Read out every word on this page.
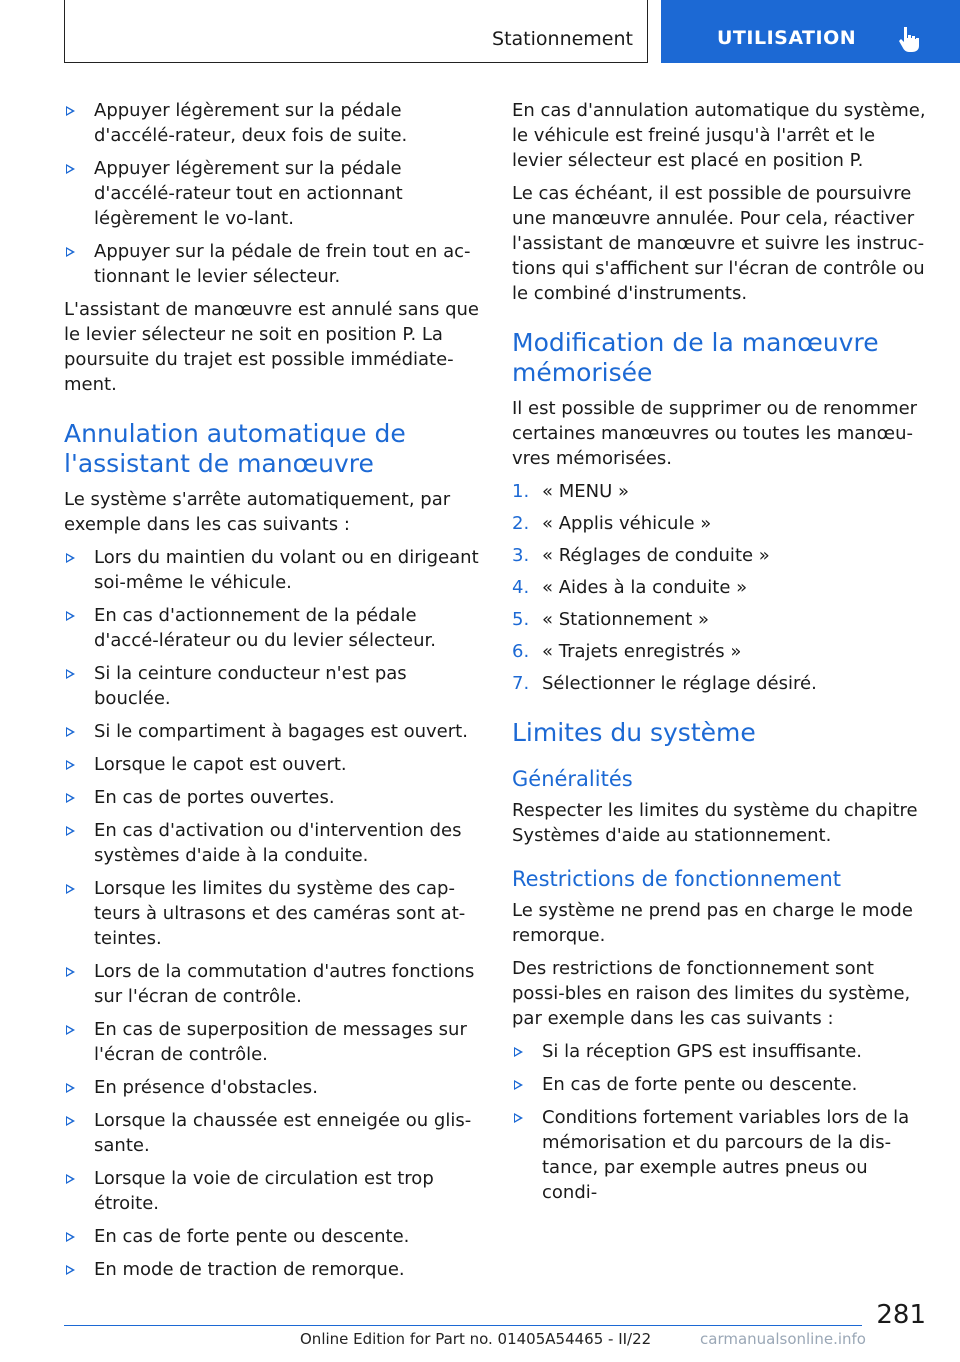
Stationnement	UTILISATION
Appuyer légèrement sur la pédale d'accélé-rateur, deux fois de suite.
Appuyer légèrement sur la pédale d'accélé-rateur tout en actionnant légèrement le vo-lant.
Appuyer sur la pédale de frein tout en ac-tionnant le levier sélecteur.

L'assistant de manœuvre est annulé sans que le levier sélecteur ne soit en position P. La poursuite du trajet est possible immédiate-ment.

Annulation automatique de l'assistant de manœuvre

Le système s'arrête automatiquement, par exemple dans les cas suivants :

Lors du maintien du volant ou en dirigeant soi-même le véhicule.
En cas d'actionnement de la pédale d'accé-lérateur ou du levier sélecteur.
Si la ceinture conducteur n'est pas bouclée.
Si le compartiment à bagages est ouvert.
Lorsque le capot est ouvert.
En cas de portes ouvertes.
En cas d'activation ou d'intervention des systèmes d'aide à la conduite.
Lorsque les limites du système des cap-teurs à ultrasons et des caméras sont at-teintes.
Lors de la commutation d'autres fonctions sur l'écran de contrôle.
En cas de superposition de messages sur l'écran de contrôle.
En présence d'obstacles.
Lorsque la chaussée est enneigée ou glis-sante.
Lorsque la voie de circulation est trop étroite.
En cas de forte pente ou descente.
En mode de traction de remorque.

En cas d'annulation automatique du système, le véhicule est freiné jusqu'à l'arrêt et le levier sélecteur est placé en position P.

Le cas échéant, il est possible de poursuivre une manœuvre annulée. Pour cela, réactiver l'assistant de manœuvre et suivre les instruc-tions qui s'affichent sur l'écran de contrôle ou le combiné d'instruments.

Modification de la manœuvre mémorisée

Il est possible de supprimer ou de renommer certaines manœuvres ou toutes les manœu-vres mémorisées.

1. « MENU »
2. « Applis véhicule »
3. « Réglages de conduite »
4. « Aides à la conduite »
5. « Stationnement »
6. « Trajets enregistrés »
7. Sélectionner le réglage désiré.
Limites du système
Généralités

Respecter les limites du système du chapitre Systèmes d'aide au stationnement.

Restrictions de fonctionnement

Le système ne prend pas en charge le mode remorque.

Des restrictions de fonctionnement sont possi-bles en raison des limites du système, par exemple dans les cas suivants :

Si la réception GPS est insuffisante.
En cas de forte pente ou descente.
Conditions fortement variables lors de la mémorisation et du parcours de la dis-tance, par exemple autres pneus ou condi-
281
Online Edition for Part no. 01405A54465 - II/22	carmanualsonline.info
